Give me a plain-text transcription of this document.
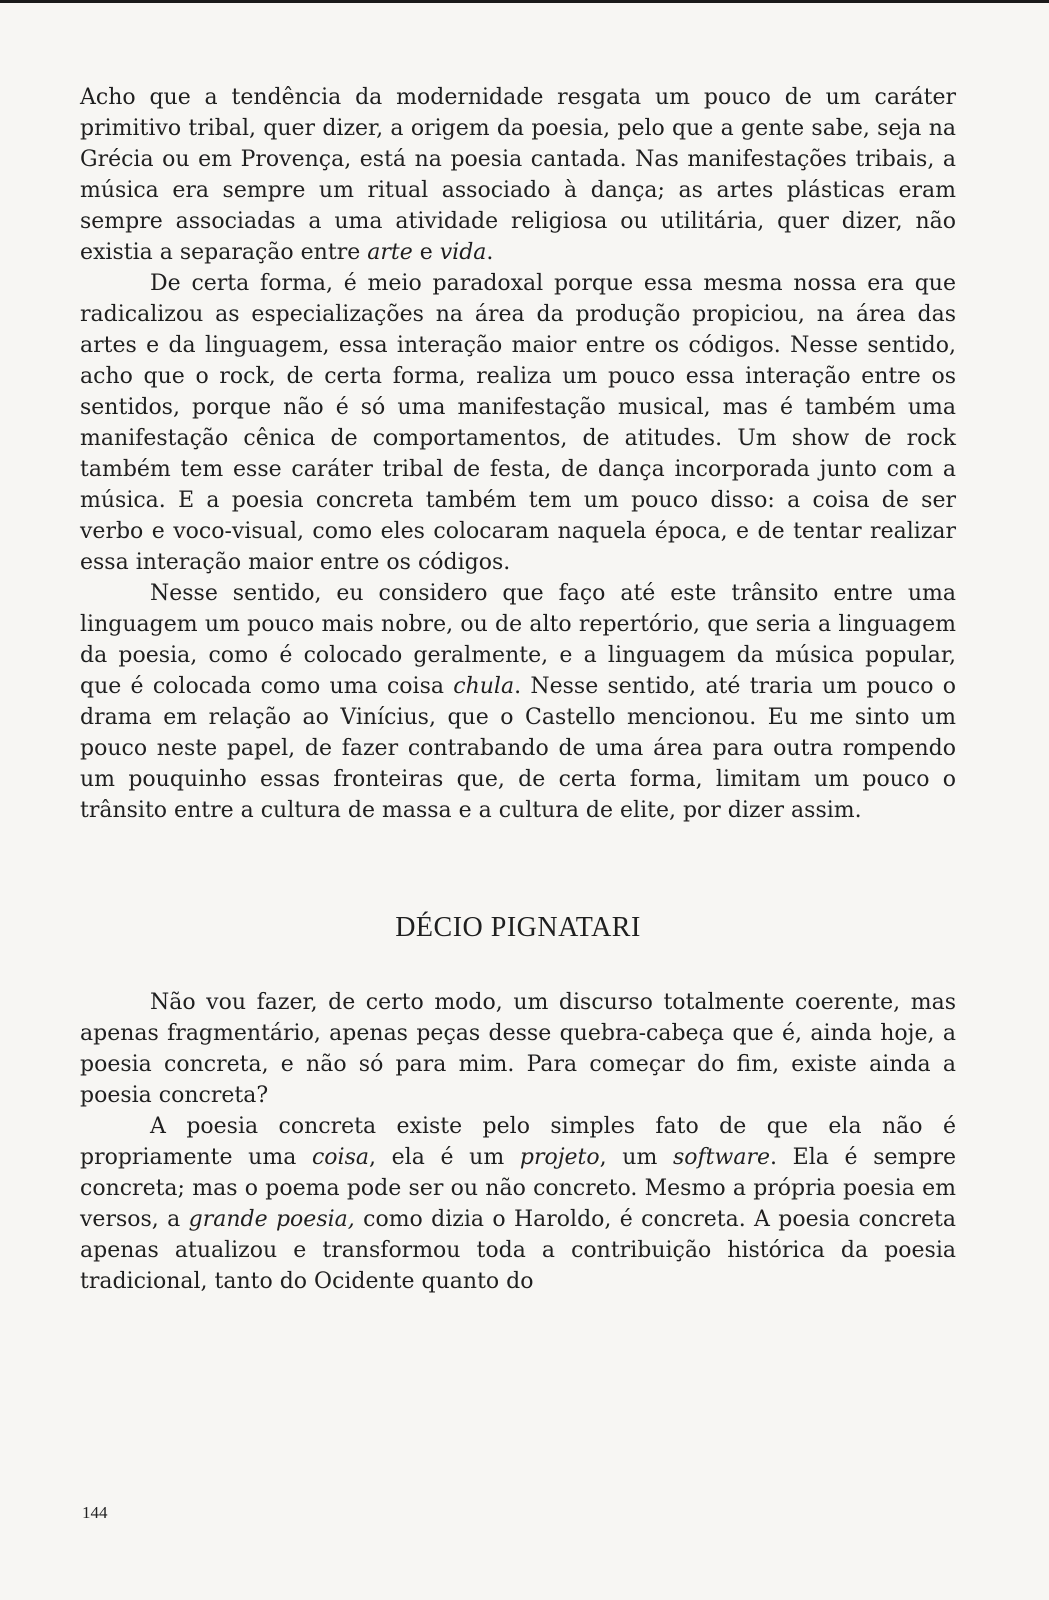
Acho que a tendência da modernidade resgata um pouco de um caráter primitivo tribal, quer dizer, a origem da poesia, pelo que a gente sabe, seja na Grécia ou em Provença, está na poesia cantada. Nas manifestações tribais, a música era sempre um ritual associado à dança; as artes plásticas eram sempre associadas a uma atividade religiosa ou utilitária, quer dizer, não existia a separação entre arte e vida.

De certa forma, é meio paradoxal porque essa mesma nossa era que radicalizou as especializações na área da produção propiciou, na área das artes e da linguagem, essa interação maior entre os códigos. Nesse sentido, acho que o rock, de certa forma, realiza um pouco essa interação entre os sentidos, porque não é só uma manifestação musical, mas é também uma manifestação cênica de comportamentos, de atitudes. Um show de rock também tem esse caráter tribal de festa, de dança incorporada junto com a música. E a poesia concreta também tem um pouco disso: a coisa de ser verbo e voco-visual, como eles colocaram naquela época, e de tentar realizar essa interação maior entre os códigos.

Nesse sentido, eu considero que faço até este trânsito entre uma linguagem um pouco mais nobre, ou de alto repertório, que seria a linguagem da poesia, como é colocado geralmente, e a linguagem da música popular, que é colocada como uma coisa chula. Nesse sentido, até traria um pouco o drama em relação ao Vinícius, que o Castello mencionou. Eu me sinto um pouco neste papel, de fazer contrabando de uma área para outra rompendo um pouquinho essas fronteiras que, de certa forma, limitam um pouco o trânsito entre a cultura de massa e a cultura de elite, por dizer assim.

DÉCIO PIGNATARI

Não vou fazer, de certo modo, um discurso totalmente coerente, mas apenas fragmentário, apenas peças desse quebra-cabeça que é, ainda hoje, a poesia concreta, e não só para mim. Para começar do fim, existe ainda a poesia concreta?

A poesia concreta existe pelo simples fato de que ela não é propriamente uma coisa, ela é um projeto, um software. Ela é sempre concreta; mas o poema pode ser ou não concreto. Mesmo a própria poesia em versos, a grande poesia, como dizia o Haroldo, é concreta. A poesia concreta apenas atualizou e transformou toda a contribuição histórica da poesia tradicional, tanto do Ocidente quanto do

144
